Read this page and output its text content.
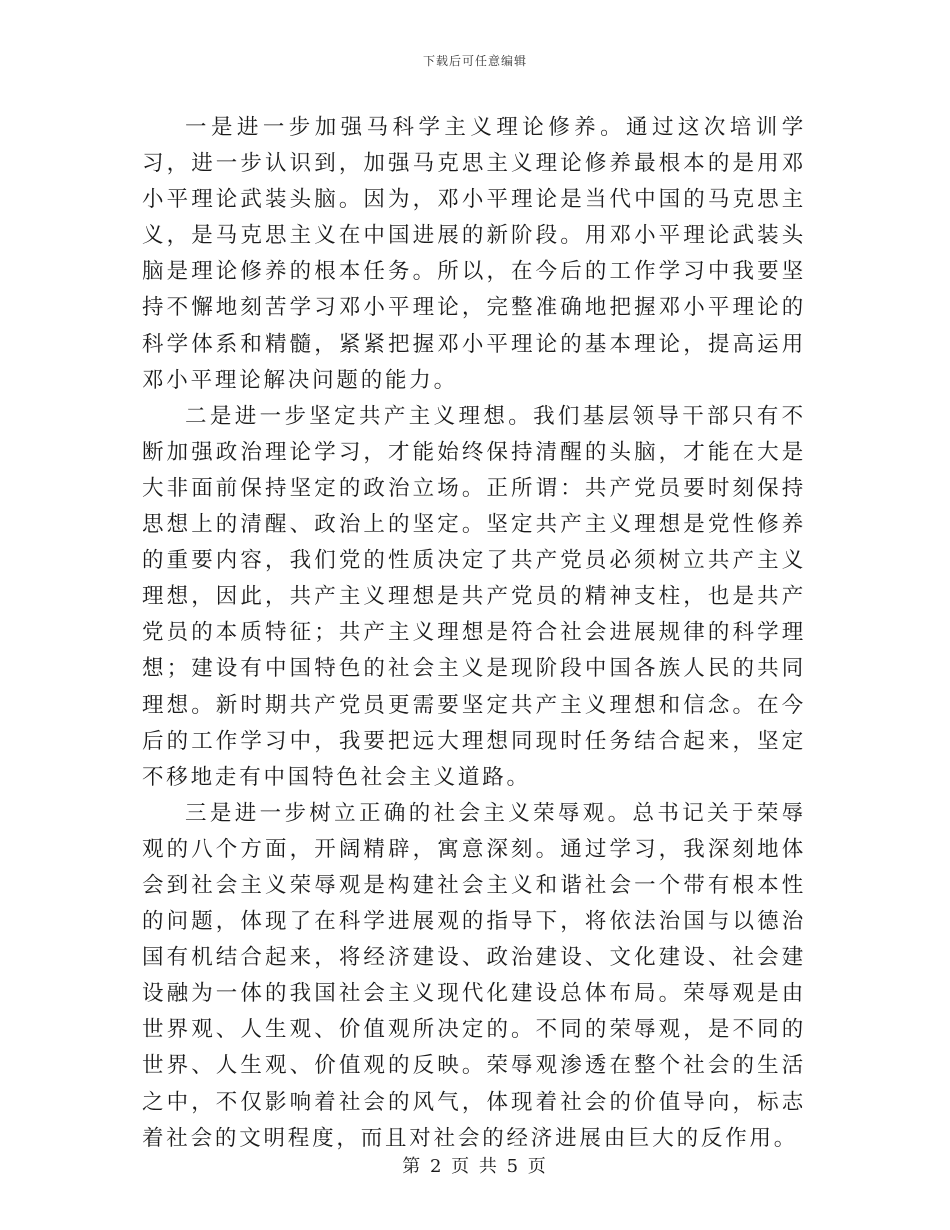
下载后可任意编辑

一是进一步加强马科学主义理论修养。通过这次培训学习，进一步认识到，加强马克思主义理论修养最根本的是用邓小平理论武装头脑。因为，邓小平理论是当代中国的马克思主义，是马克思主义在中国进展的新阶段。用邓小平理论武装头脑是理论修养的根本任务。所以，在今后的工作学习中我要坚持不懈地刻苦学习邓小平理论，完整准确地把握邓小平理论的科学体系和精髓，紧紧把握邓小平理论的基本理论，提高运用邓小平理论解决问题的能力。

二是进一步坚定共产主义理想。我们基层领导干部只有不断加强政治理论学习，才能始终保持清醒的头脑，才能在大是大非面前保持坚定的政治立场。正所谓：共产党员要时刻保持思想上的清醒、政治上的坚定。坚定共产主义理想是党性修养的重要内容，我们党的性质决定了共产党员必须树立共产主义理想，因此，共产主义理想是共产党员的精神支柱，也是共产党员的本质特征；共产主义理想是符合社会进展规律的科学理想；建设有中国特色的社会主义是现阶段中国各族人民的共同理想。新时期共产党员更需要坚定共产主义理想和信念。在今后的工作学习中，我要把远大理想同现时任务结合起来，坚定不移地走有中国特色社会主义道路。

三是进一步树立正确的社会主义荣辱观。总书记关于荣辱观的八个方面，开阔精辟，寓意深刻。通过学习，我深刻地体会到社会主义荣辱观是构建社会主义和谐社会一个带有根本性的问题，体现了在科学进展观的指导下，将依法治国与以德治国有机结合起来，将经济建设、政治建设、文化建设、社会建设融为一体的我国社会主义现代化建设总体布局。荣辱观是由世界观、人生观、价值观所决定的。不同的荣辱观，是不同的世界、人生观、价值观的反映。荣辱观渗透在整个社会的生活之中，不仅影响着社会的风气，体现着社会的价值导向，标志着社会的文明程度，而且对社会的经济进展由巨大的反作用。

第 2 页 共 5 页
